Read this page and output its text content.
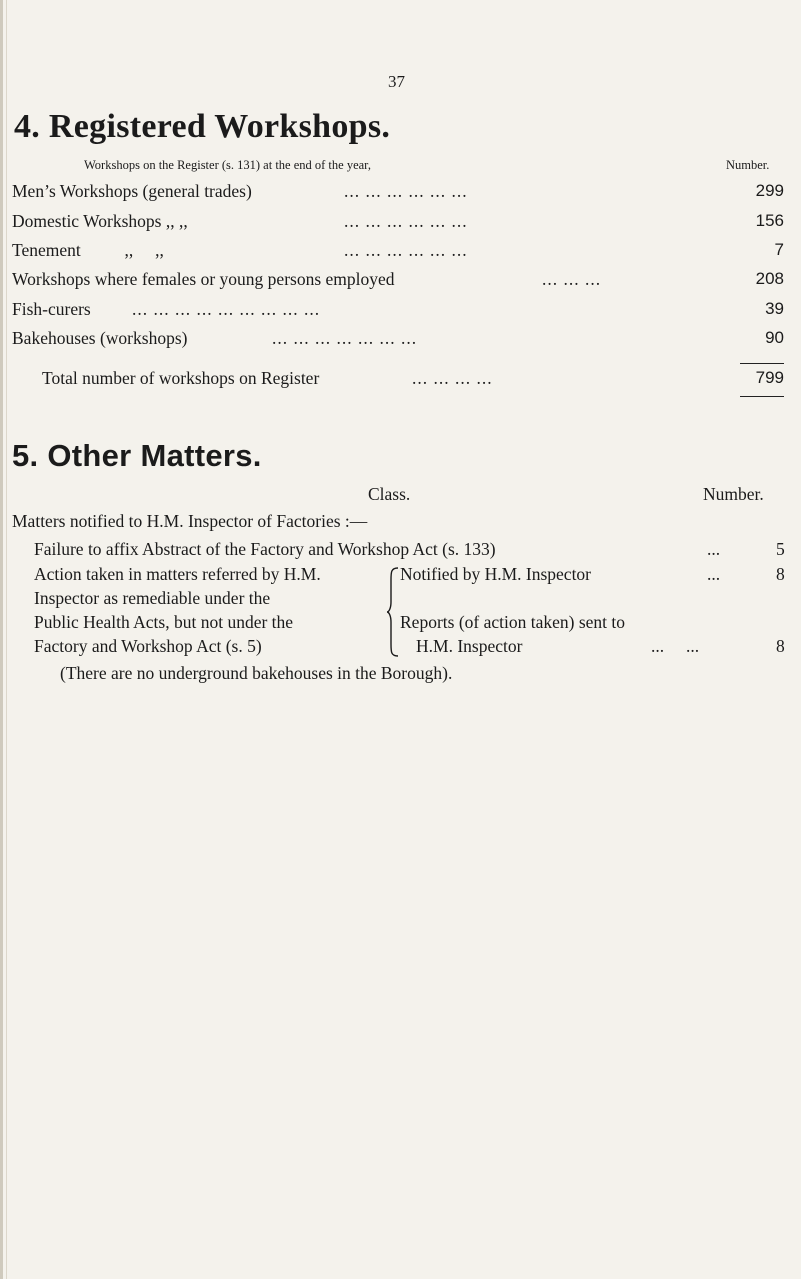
37
4. Registered Workshops.
Workshops on the Register (s. 131) at the end of the year,	Number.
Men’s Workshops (general trades)	... ... ... ... ... ...	299
Domestic Workshops ,, ,,	... ... ... ... ... ...	156
Tenement          ,,     ,,	... ... ... ... ... ...	7
Workshops where females or young persons employed	... ... ...	208
Fish-curers ... ... ... ... ... ... ... ... ...	39
Bakehouses (workshops)	... ... ... ... ... ... ...	90
Total number of workshops on Register	... ... ... ...	799
5. Other Matters.
Class.	Number.
Matters notified to H.M. Inspector of Factories :—
Failure to affix Abstract of the Factory and Workshop Act (s. 133)	...	5
Action taken in matters referred by H.M.
Inspector as remediable under the
Public Health Acts, but not under the
Factory and Workshop Act (s. 5)
Notified by H.M. Inspector	...	8
Reports (of action taken) sent to
H.M. Inspector	...     ...	8
(There are no underground bakehouses in the Borough).
